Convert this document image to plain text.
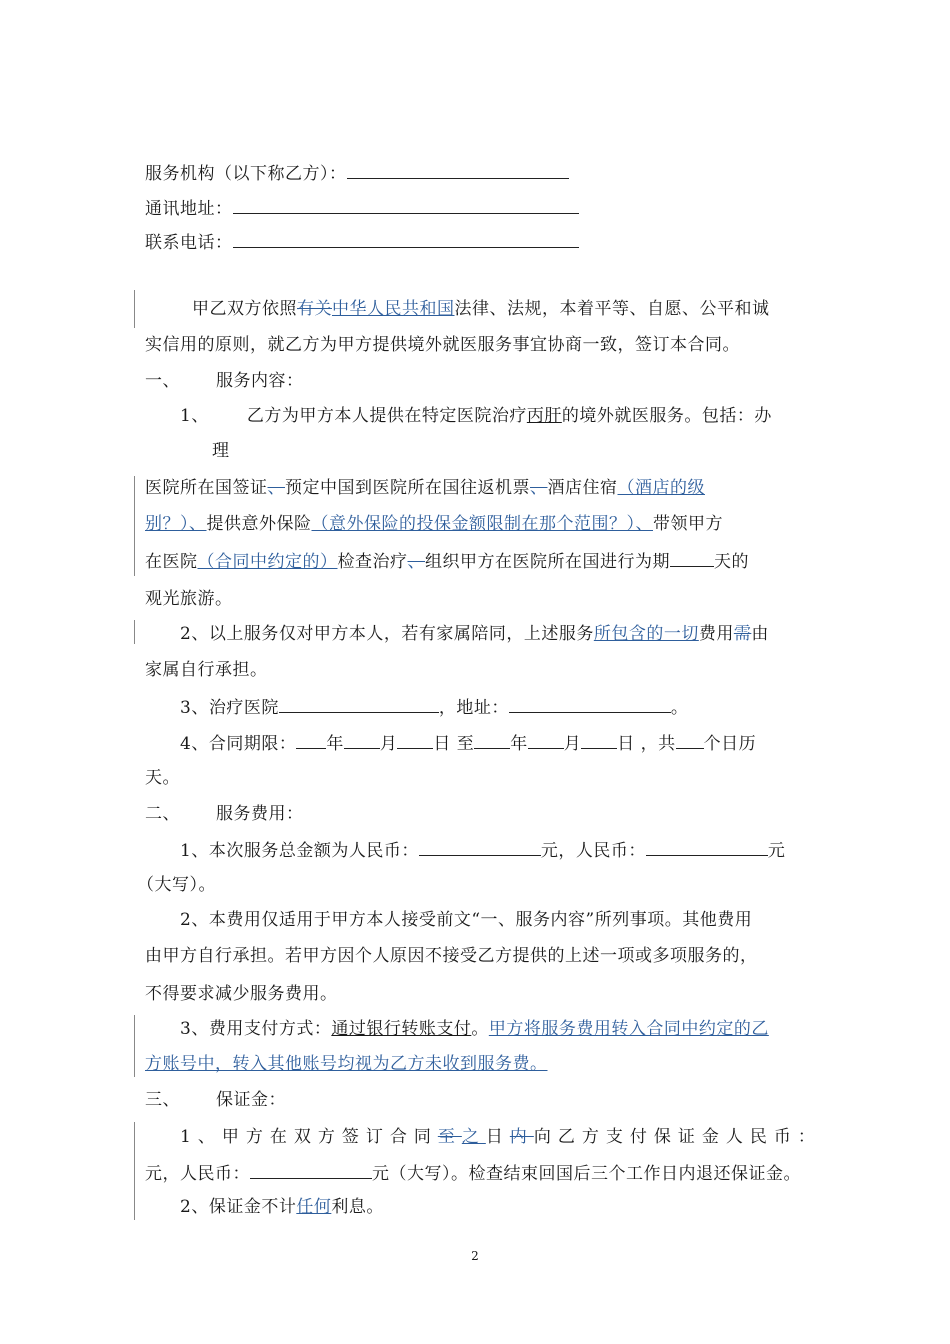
服务机构（以下称乙方）：
通讯地址：
联系电话：
甲乙双方依照有关中华人民共和国法律、法规，本着平等、自愿、公平和诚
实信用的原则，就乙方为甲方提供境外就医服务事宜协商一致，签订本合同。
一、 服务内容：
1、 乙方为甲方本人提供在特定医院治疗丙肝的境外就医服务。包括：办
理
医院所在国签证、预定中国到医院所在国往返机票、酒店住宿（酒店的级
别？）、提供意外保险（意外保险的投保金额限制在那个范围？）、带领甲方
在医院（合同中约定的）检查治疗、组织甲方在医院所在国进行为期	天的
观光旅游。
2、以上服务仅对甲方本人，若有家属陪同，上述服务所包含的一切费用需由
家属自行承担。
3、治疗医院	，地址：	。
4、合同期限： 年 月 日 至 年 月 日 ，共 个日历
天。
二、 服务费用：
1、本次服务总金额为人民币：	元，人民币：	元
（大写）。
2、本费用仅适用于甲方本人接受前文“一、服务内容”所列事项。其他费用
由甲方自行承担。若甲方因个人原因不接受乙方提供的上述一项或多项服务的，
不得要求减少服务费用。
3、费用支付方式：通过银行转账支付。甲方将服务费用转入合同中约定的乙
方账号中，转入其他账号均视为乙方未收到服务费。
三、 保证金：
1、甲方在双方签订合同至之日内向乙方支付保证金人民币：
元，人民币：	元（大写）。检查结束回国后三个工作日内退还保证金。
2、保证金不计任何利息。
2
